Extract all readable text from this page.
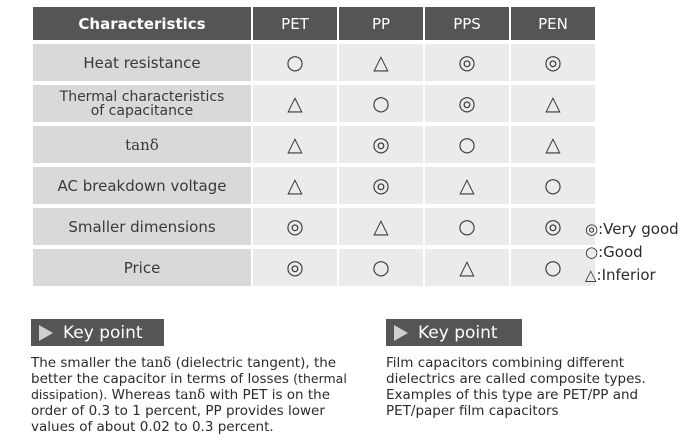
Characteristics	PET	PP	PPS	PEN
Heat resistance	○	△	◎	◎
Thermal characteristics
of capacitance	△	○	◎	△
tanδ	△	◎	○	△
AC breakdown voltage	△	◎	△	○
Smaller dimensions	◎	△	○	◎
Price	◎	○	△	○
◎:Very good
○:Good
△:Inferior
Key point
The smaller the tanδ (dielectric tangent), the better the capacitor in terms of losses (thermal dissipation). Whereas tanδ with PET is on the order of 0.3 to 1 percent, PP provides lower values of about 0.02 to 0.3 percent.
Key point
Film capacitors combining different dielectrics are called composite types. Examples of this type are PET/PP and PET/paper film capacitors
